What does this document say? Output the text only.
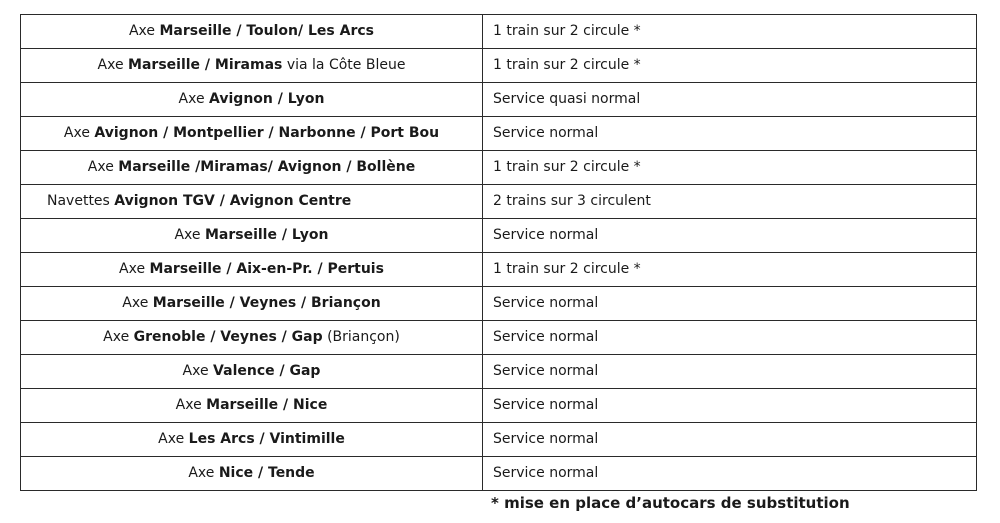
Axe Marseille / Toulon/ Les Arcs	1 train sur 2 circule *
Axe Marseille / Miramas via la Côte Bleue	1 train sur 2 circule *
Axe Avignon / Lyon	Service quasi normal
Axe Avignon / Montpellier / Narbonne / Port Bou	Service normal
Axe Marseille /Miramas/ Avignon / Bollène	1 train sur 2 circule *
Navettes Avignon TGV / Avignon Centre	2 trains sur 3 circulent
Axe Marseille / Lyon	Service normal
Axe Marseille / Aix-en-Pr. / Pertuis	1 train sur 2 circule *
Axe Marseille / Veynes / Briançon	Service normal
Axe Grenoble / Veynes / Gap (Briançon)	Service normal
Axe Valence / Gap	Service normal
Axe Marseille / Nice	Service normal
Axe Les Arcs / Vintimille	Service normal
Axe Nice / Tende	Service normal
* mise en place d’autocars de substitution
